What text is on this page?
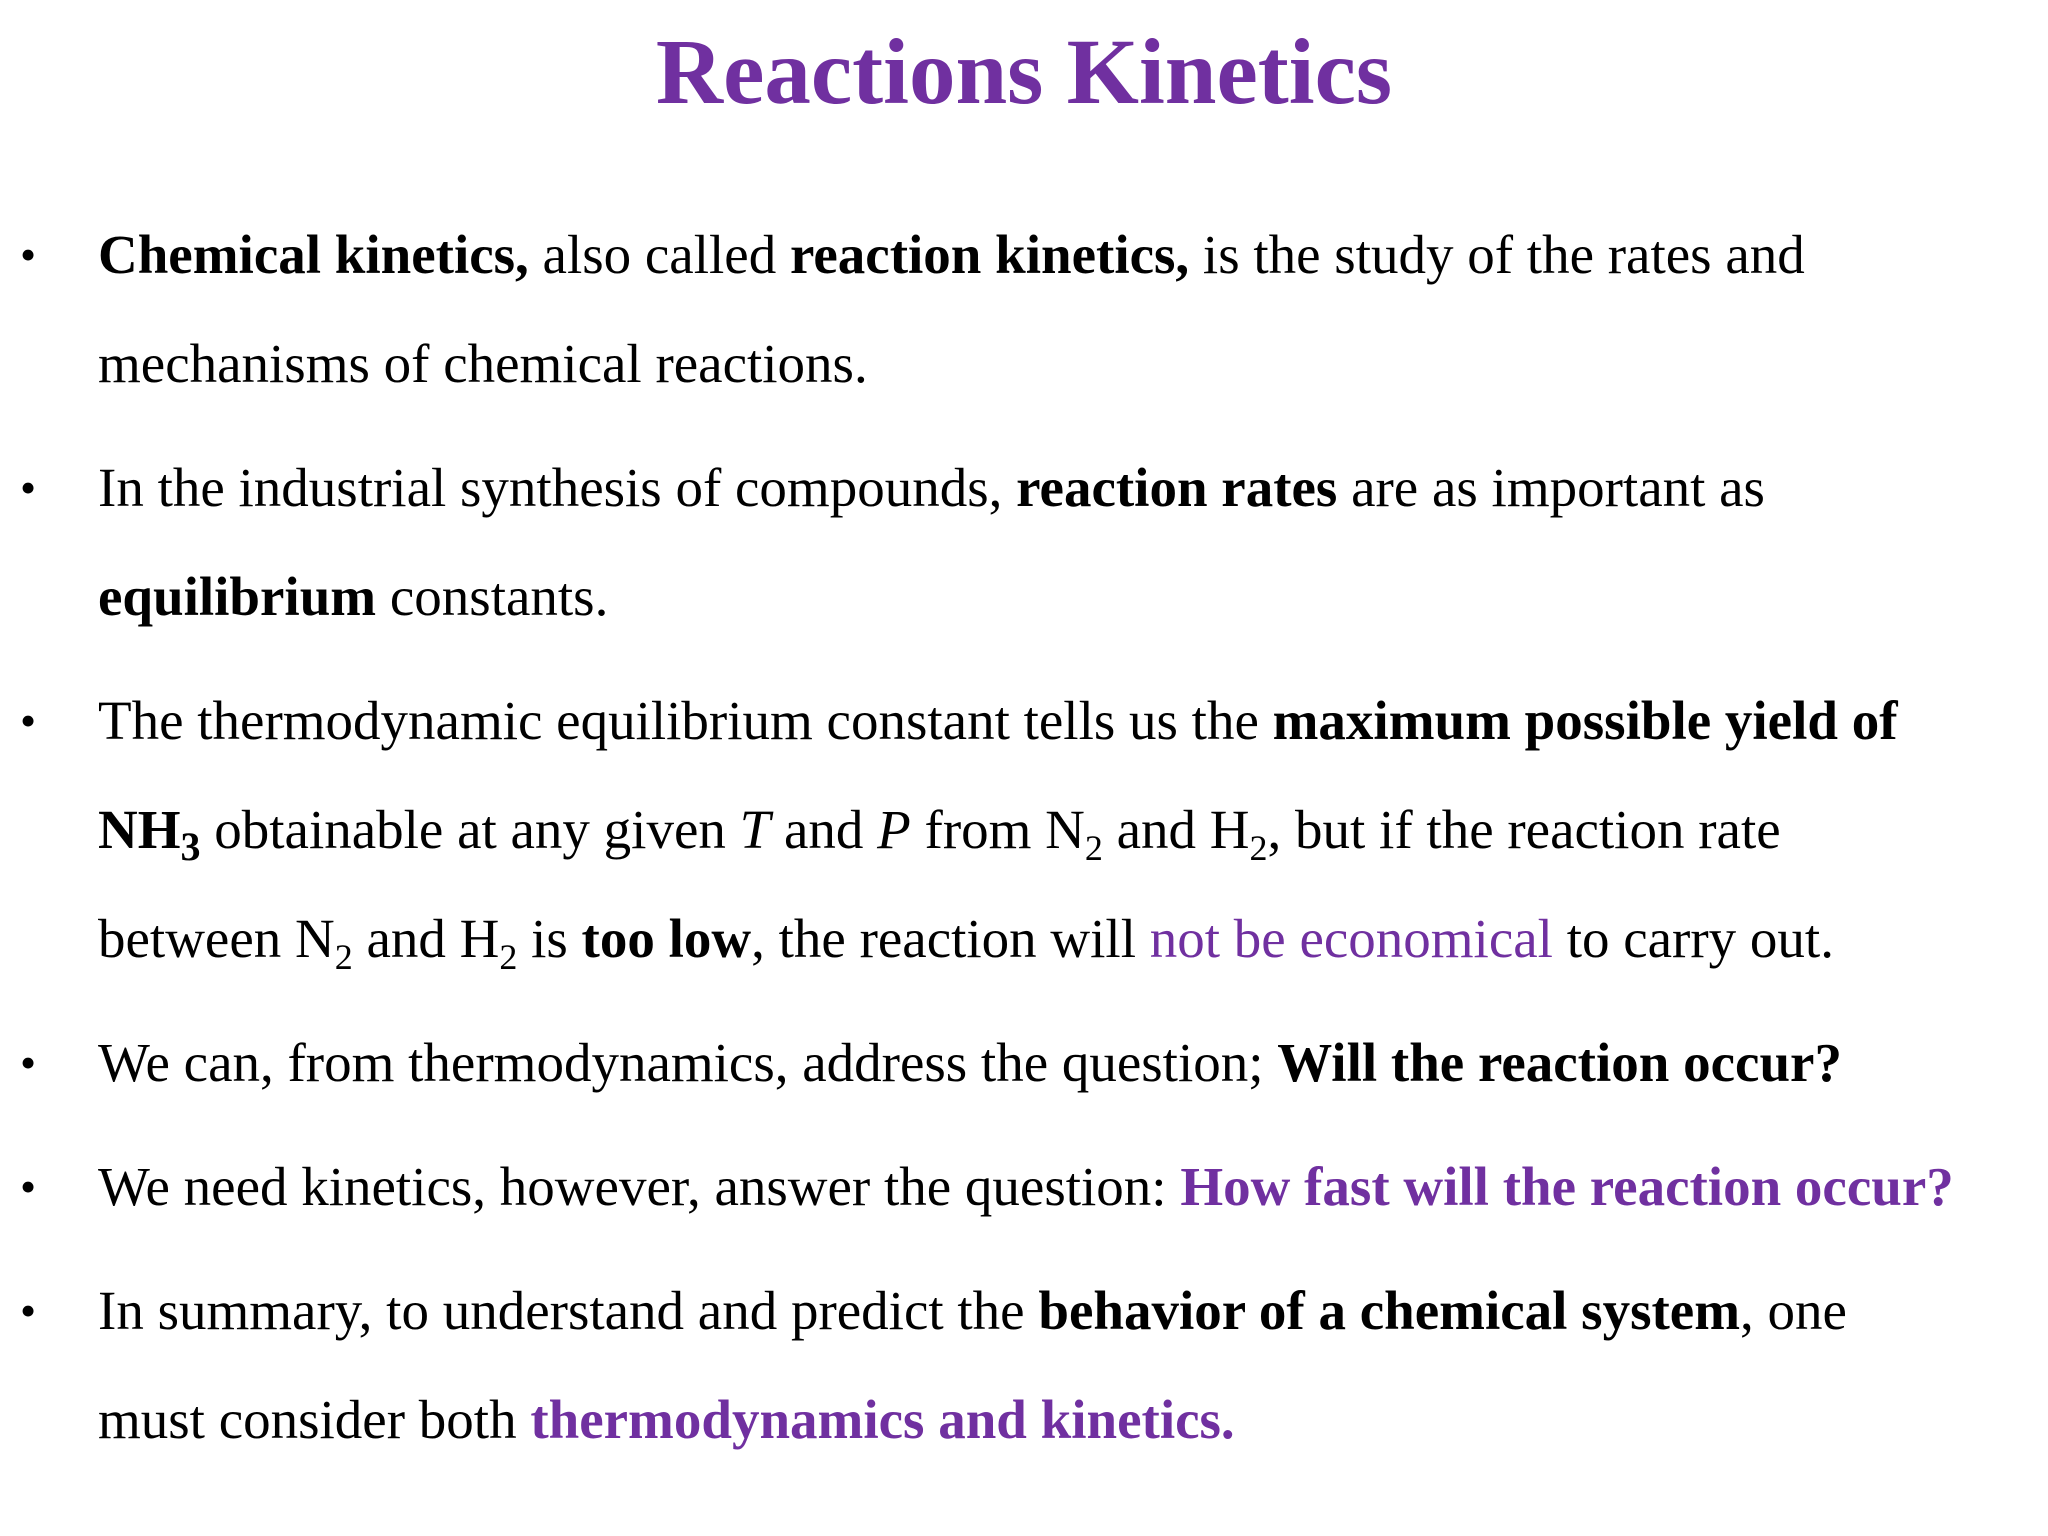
Reactions Kinetics
• Chemical kinetics, also called reaction kinetics, is the study of the rates and
mechanisms of chemical reactions.
• In the industrial synthesis of compounds, reaction rates are as important as
equilibrium constants.
• The thermodynamic equilibrium constant tells us the maximum possible yield of
$NH_3$ obtainable at any given T and P from $N_2$ and $H_2$, but if the reaction rate
between $N_2$ and $H_2$ is too low, the reaction will not be economical to carry out.
• We can, from thermodynamics, address the question; Will the reaction occur?
• We need kinetics, however, answer the question: How fast will the reaction occur?
• In summary, to understand and predict the behavior of a chemical system, one
must consider both thermodynamics and kinetics.
